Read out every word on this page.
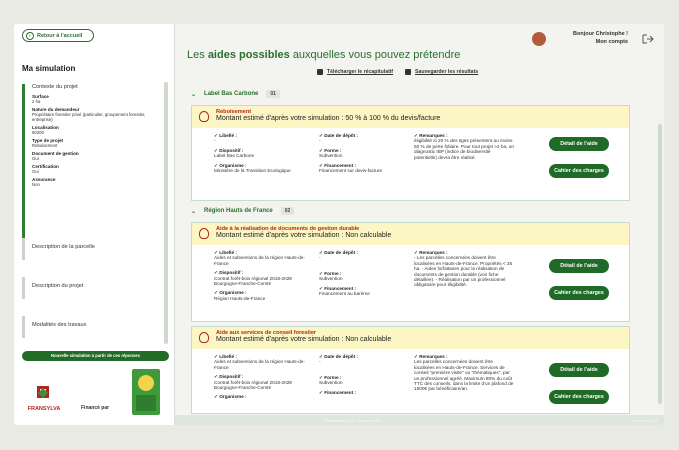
‹	Retour à l'accueil
Ma simulation
Contexte du projet
Surface
2 ha
Nature du demandeur
Propriétaire forestier privé (particulier, groupement forestier, entreprise)
Localisation
60200
Type de projet
Reboisement
Document de gestion
Oui
Certification
Oui
Assurance
Non
Description de la parcelle
Description du projet
Modalités des travaux
Nouvelle simulation à partir de ces réponses
FRANSYLVA	Financé par
Bonjour Christophe !
Mon compte
Les aides possibles auxquelles vous pouvez prétendre
Télécharger le récapitulatif	Sauvegarder les résultats
⌄ Label Bas Carbone	01
Reboisement
Montant estimé d'après votre simulation : 50 % à 100 % du devis/facture
✓ Libellé :
-
✓ Dispositif :
Label Bas Carbone
✓ Organisme :
Ministère de la Transition Ecologique
✓ Date de dépôt :
-
✓ Forme :
Subvention
✓ Financement :
Financement sur devis-facture
✓ Remarques :
éligibilité si 20 % des tiges présentent au moins 50 % de perte foliaire. Pour tout projet >2 ha, un diagnostic IBP (indice de biodiversité potentielle) devra être réalisé.
Détail de l'aide
Cahier des charges
⌄ Région Hauts de France	02
Aide à la réalisation de documents de gestion durable
Montant estimé d'après votre simulation : Non calculable
✓ Libellé :
Aides et subventions de la région Hauts-de-France
✓ Dispositif :
Contrat forêt-bois régional 2018-2028 Bourgogne-Franche-Comté
✓ Organisme :
Région Hauts-de-France
✓ Date de dépôt :
-
✓ Forme :
Subvention
✓ Financement :
Financement au barème
✓ Remarques :
- Les parcelles concernées doivent être localisées en Hauts-de-France. Propriétés < 25 ha. - Aides forfaitaires pour la réalisation de documents de gestion durable (voir fiche détaillée). - Réalisation par un professionnel obligatoire pour éligibilité.
Détail de l'aide
Cahier des charges
Aide aux services de conseil forestier
Montant estimé d'après votre simulation : Non calculable
✓ Libellé :
Aides et subventions de la région Hauts-de-France
✓ Dispositif :
Contrat forêt-bois régional 2018-2028 Bourgogne-Franche-Comté
✓ Organisme :
✓ Date de dépôt :
-
✓ Forme :
Subvention
✓ Financement :
✓ Remarques :
Les parcelles concernées doivent être localisées en Hauts-de-France. Services de conseil "première visite" ou "thématiques", par un professionnel agréé. Maximum 80% du coût TTC des conseils, dans la limite d'un plafond de 1500€ par bénéficiaire/an.
Détail de l'aide
Cahier des charges
Simulateur pour : Fransylva V1	Version v1.0.1
